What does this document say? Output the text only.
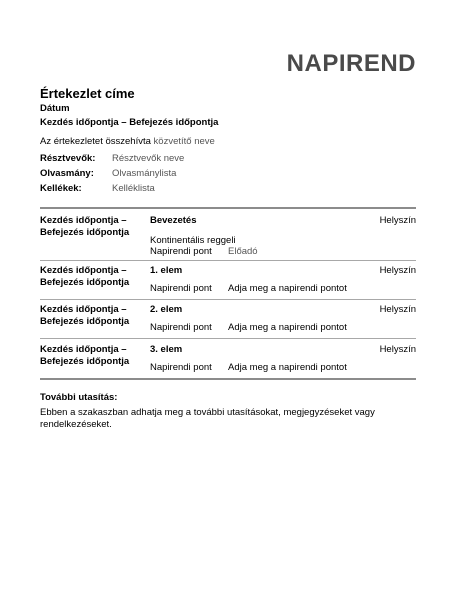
NAPIREND
Értekezlet címe
Dátum
Kezdés időpontja – Befejezés időpontja
Az értekezletet összehívta közvetítő neve
Résztvevők: Résztvevők neve
Olvasmány: Olvasmánylista
Kellékek:	Kelléklista
Kezdés időpontja –
Befejezés időpontja
Bevezetés	Helyszín
Kontinentális reggeli
Napirendi pont Előadó
Kezdés időpontja –
Befejezés időpontja
1. elem	Helyszín
Napirendi pont Adja meg a napirendi pontot
Kezdés időpontja –
Befejezés időpontja
2. elem	Helyszín
Napirendi pont Adja meg a napirendi pontot
Kezdés időpontja –
Befejezés időpontja
3. elem	Helyszín
Napirendi pont Adja meg a napirendi pontot
További utasítás:
Ebben a szakaszban adhatja meg a további utasításokat, megjegyzéseket vagy rendelkezéseket.
